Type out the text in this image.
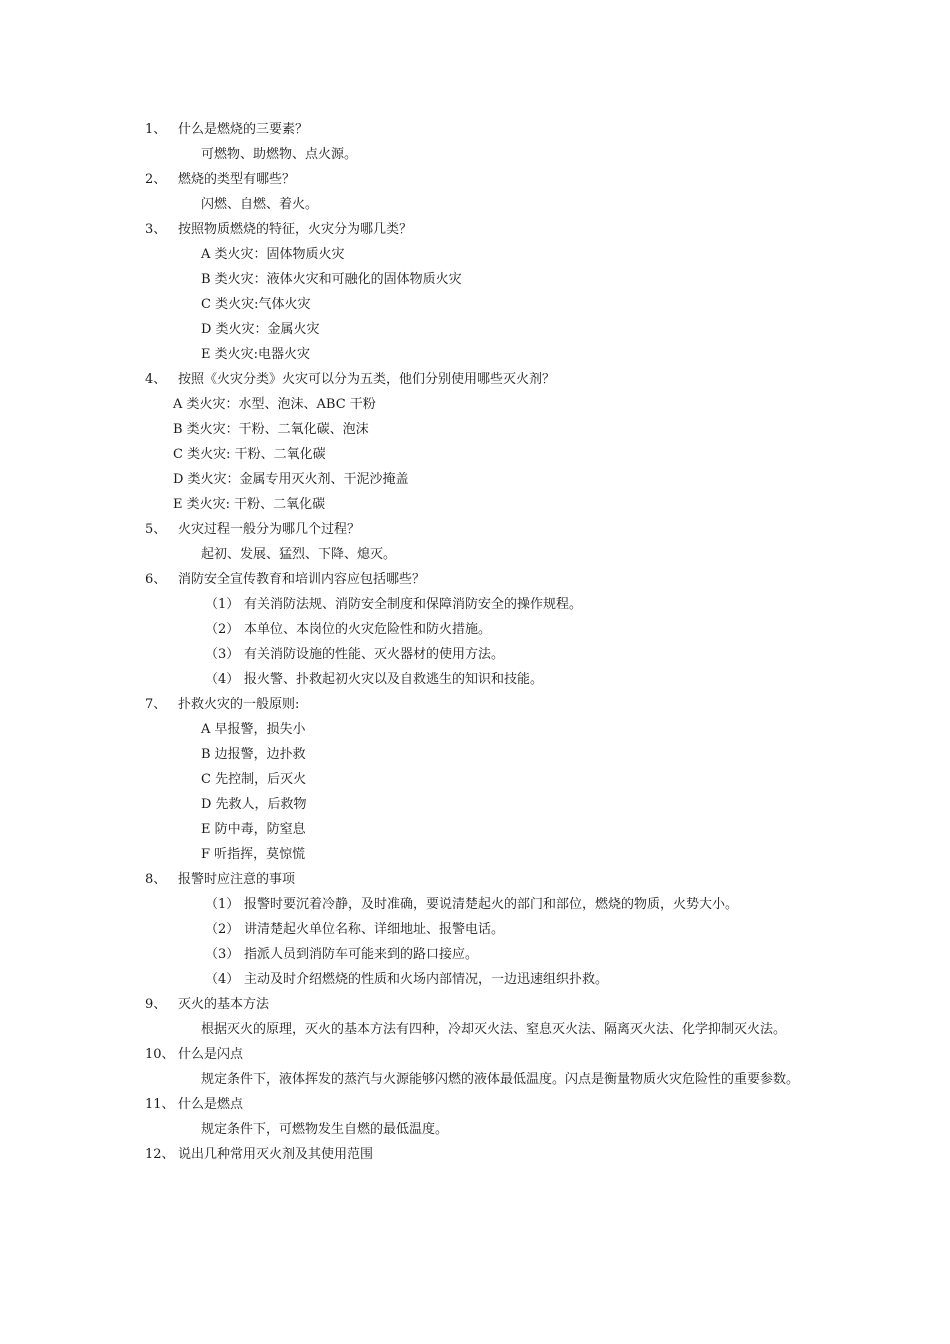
1、 什么是燃烧的三要素？
可燃物、助燃物、点火源。
2、 燃烧的类型有哪些？
闪燃、自燃、着火。
3、 按照物质燃烧的特征，火灾分为哪几类？
A 类火灾：固体物质火灾
B 类火灾：液体火灾和可融化的固体物质火灾
C 类火灾:气体火灾
D 类火灾：金属火灾
E 类火灾:电器火灾
4、 按照《火灾分类》火灾可以分为五类，他们分别使用哪些灭火剂？
A 类火灾：水型、泡沫、ABC 干粉
B 类火灾：干粉、二氧化碳、泡沫
C 类火灾: 干粉、二氧化碳
D 类火灾：金属专用灭火剂、干泥沙掩盖
E 类火灾: 干粉、二氧化碳
5、 火灾过程一般分为哪几个过程？
起初、发展、猛烈、下降、熄灭。
6、 消防安全宣传教育和培训内容应包括哪些？
（1） 有关消防法规、消防安全制度和保障消防安全的操作规程。
（2） 本单位、本岗位的火灾危险性和防火措施。
（3） 有关消防设施的性能、灭火器材的使用方法。
（4） 报火警、扑救起初火灾以及自救逃生的知识和技能。
7、 扑救火灾的一般原则:
A 早报警，损失小
B 边报警，边扑救
C 先控制，后灭火
D 先救人，后救物
E 防中毒，防窒息
F 听指挥，莫惊慌
8、 报警时应注意的事项
（1） 报警时要沉着冷静，及时准确，要说清楚起火的部门和部位，燃烧的物质，火势大小。
（2） 讲清楚起火单位名称、详细地址、报警电话。
（3） 指派人员到消防车可能来到的路口接应。
（4） 主动及时介绍燃烧的性质和火场内部情况，一边迅速组织扑救。
9、 灭火的基本方法
根据灭火的原理，灭火的基本方法有四种，冷却灭火法、窒息灭火法、隔离灭火法、化学抑制灭火法。
10、 什么是闪点
规定条件下，液体挥发的蒸汽与火源能够闪燃的液体最低温度。闪点是衡量物质火灾危险性的重要参数。
11、 什么是燃点
规定条件下，可燃物发生自燃的最低温度。
12、 说出几种常用灭火剂及其使用范围
